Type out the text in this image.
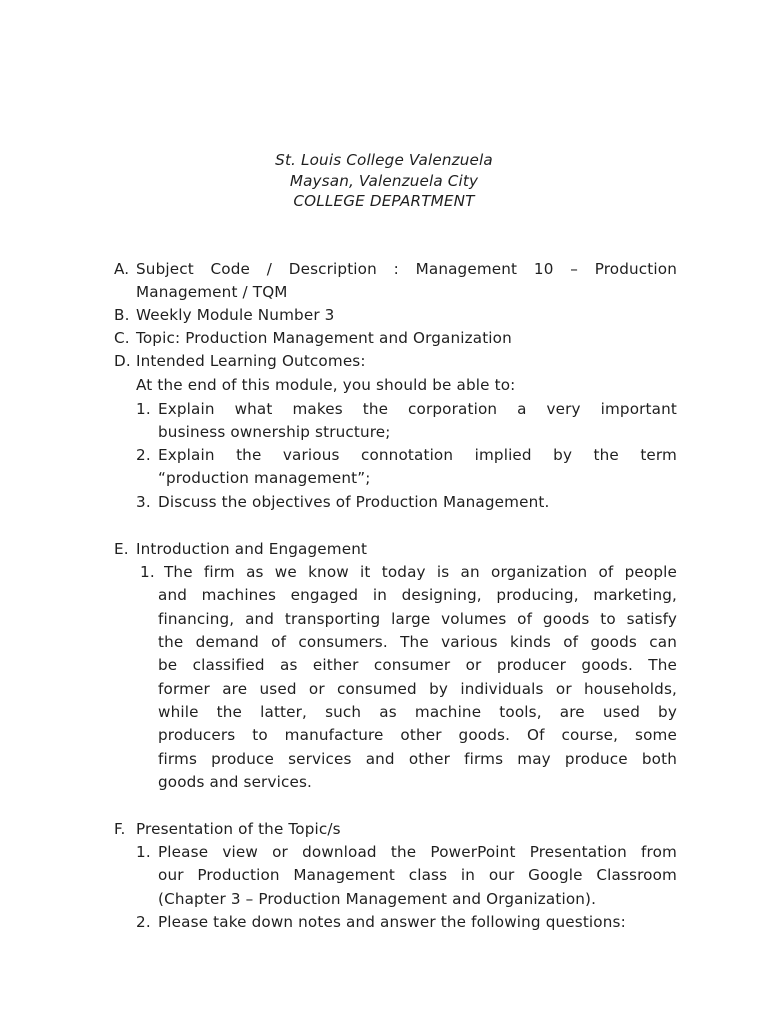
St. Louis College Valenzuela
Maysan, Valenzuela City
COLLEGE DEPARTMENT
A. Subject Code / Description : Management 10 – Production
Management / TQM
B. Weekly Module Number 3
C. Topic: Production Management and Organization
D. Intended Learning Outcomes:
At the end of this module, you should be able to:
1. Explain what makes the corporation a very important
business ownership structure;
2. Explain the various connotation implied by the term
“production management”;
3. Discuss the objectives of Production Management.
E. Introduction and Engagement
1. The firm as we know it today is an organization of people
and machines engaged in designing, producing, marketing,
financing, and transporting large volumes of goods to satisfy
the demand of consumers. The various kinds of goods can
be classified as either consumer or producer goods. The
former are used or consumed by individuals or households,
while the latter, such as machine tools, are used by
producers to manufacture other goods. Of course, some
firms produce services and other firms may produce both
goods and services.
F. Presentation of the Topic/s
1. Please view or download the PowerPoint Presentation from
our Production Management class in our Google Classroom
(Chapter 3 – Production Management and Organization).
2. Please take down notes and answer the following questions:
